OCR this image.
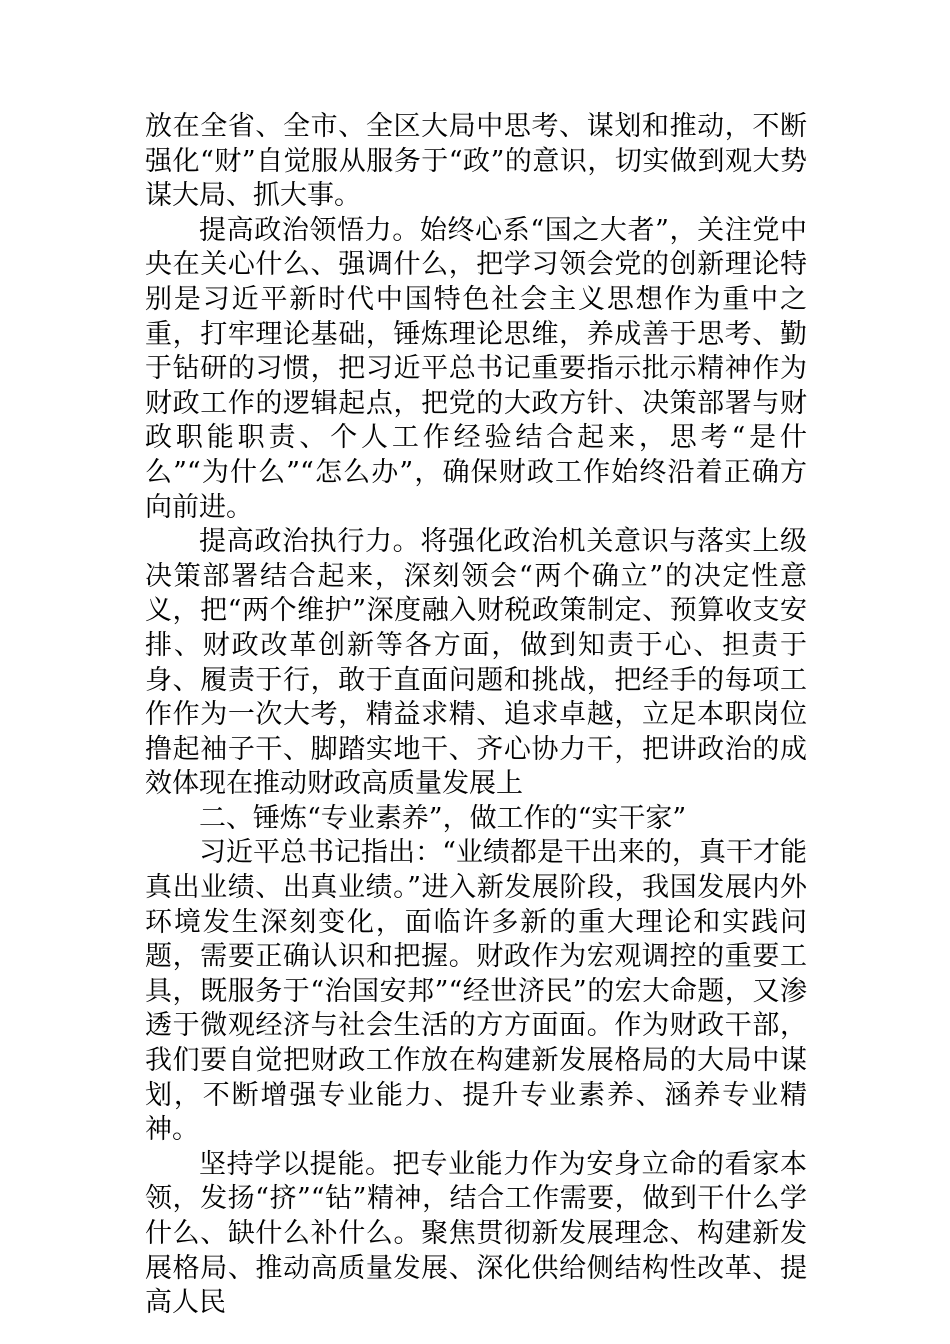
放在全省、全市、全区大局中思考、谋划和推动，不断强化“财”自觉服从服务于“政”的意识，切实做到观大势谋大局、抓大事。

提高政治领悟力。始终心系“国之大者”，关注党中央在关心什么、强调什么，把学习领会党的创新理论特别是习近平新时代中国特色社会主义思想作为重中之重，打牢理论基础，锤炼理论思维，养成善于思考、勤于钻研的习惯，把习近平总书记重要指示批示精神作为财政工作的逻辑起点，把党的大政方针、决策部署与财政职能职责、个人工作经验结合起来，思考“是什么”“为什么”“怎么办”，确保财政工作始终沿着正确方向前进。

提高政治执行力。将强化政治机关意识与落实上级决策部署结合起来，深刻领会“两个确立”的决定性意义，把“两个维护”深度融入财税政策制定、预算收支安排、财政改革创新等各方面，做到知责于心、担责于身、履责于行，敢于直面问题和挑战，把经手的每项工作作为一次大考，精益求精、追求卓越，立足本职岗位撸起袖子干、脚踏实地干、齐心协力干，把讲政治的成效体现在推动财政高质量发展上

二、锤炼“专业素养”，做工作的“实干家”

习近平总书记指出：“业绩都是干出来的，真干才能真出业绩、出真业绩。”进入新发展阶段，我国发展内外环境发生深刻变化，面临许多新的重大理论和实践问题，需要正确认识和把握。财政作为宏观调控的重要工具，既服务于“治国安邦”“经世济民”的宏大命题，又渗透于微观经济与社会生活的方方面面。作为财政干部，我们要自觉把财政工作放在构建新发展格局的大局中谋划，不断增强专业能力、提升专业素养、涵养专业精神。

坚持学以提能。把专业能力作为安身立命的看家本领，发扬“挤”“钻”精神，结合工作需要，做到干什么学什么、缺什么补什么。聚焦贯彻新发展理念、构建新发展格局、推动高质量发展、深化供给侧结构性改革、提高人民
